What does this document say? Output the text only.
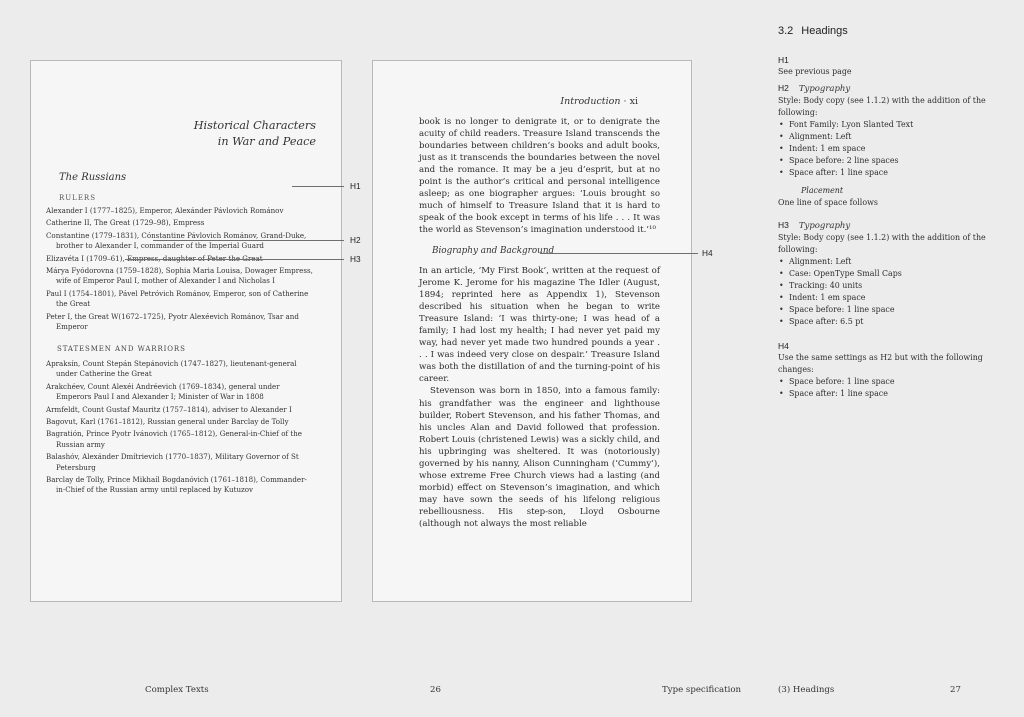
Historical Characters
in War and Peace
The Russians
RULERS
Alexander I (1777–1825), Emperor, Alexánder Pávlovich Románov
Catherine II, The Great (1729–98), Empress
Constantine (1779–1831), Cónstantine Pávlovich Románov, Grand-Duke, brother to Alexander I, commander of the Imperial Guard
Elizavéta I (1709–61), Empress, daughter of Peter the Great
Márya Fyódorovna (1759–1828), Sophia Maria Louisa, Dowager Empress, wife of Emperor Paul I, mother of Alexander I and Nicholas I
Paul I (1754–1801), Pável Petróvich Románov, Emperor, son of Catherine the Great
Peter I, the Great W(1672–1725), Pyotr Alexéevich Románov, Tsar and Emperor
STATESMEN AND WARRIORS
Apraksín, Count Stepán Stepánovich (1747–1827), lieutenant-general under Catherine the Great
Arakchéev, Count Alexéi Andréevich (1769–1834), general under Emperors Paul I and Alexander I; Minister of War in 1808
Armfeldt, Count Gustaf Mauritz (1757–1814), adviser to Alexander I
Bagovut, Karl (1761–1812), Russian general under Barclay de Tolly
Bagratión, Prince Pyotr Ivánovich (1765–1812), General-in-Chief of the Russian army
Balashóv, Alexánder Dmítrievich (1770–1837), Military Governor of St Petersburg
Barclay de Tolly, Prince Mikhaíl Bogdanóvich (1761–1818), Commander-in-Chief of the Russian army until replaced by Kutuzov
H1
H2
H3
Introduction · xi

book is no longer to denigrate it, or to denigrate the acuity of child readers. Treasure Island transcends the boundaries between children’s books and adult books, just as it transcends the boundaries between the novel and the romance. It may be a jeu d’esprit, but at no point is the author’s critical and personal intelligence asleep; as one biographer argues: ‘Louis brought so much of himself to Treasure Island that it is hard to speak of the book except in terms of his life . . . It was the world as Stevenson’s imagination understood it.’¹⁰

Biography and Background	H4

In an article, ‘My First Book’, written at the request of Jerome K. Jerome for his magazine The Idler (August, 1894; reprinted here as Appendix 1), Stevenson described his situation when he began to write Treasure Island: ‘I was thirty-one; I was head of a family; I had lost my health; I had never yet paid my way, had never yet made two hundred pounds a year . . . I was indeed very close on despair.’ Treasure Island was both the distillation of and the turning-point of his career.

Stevenson was born in 1850, into a famous family: his grandfather was the engineer and lighthouse builder, Robert Stevenson, and his father Thomas, and his uncles Alan and David followed that profession. Robert Louis (christened Lewis) was a sickly child, and his upbringing was sheltered. It was (notoriously) governed by his nanny, Alison Cunningham (‘Cummy’), whose extreme Free Church views had a lasting (and morbid) effect on Stevenson’s imagination, and which may have sown the seeds of his lifelong religious rebelliousness. His step-son, Lloyd Osbourne (although not always the most reliable

3.2 Headings
H1
See previous page
H2 Typography
Style: Body copy (see 1.1.2) with the addition of the following:
• Font Family: Lyon Slanted Text
• Alignment: Left
• Indent: 1 em space
• Space before: 2 line spaces
• Space after: 1 line space
Placement
One line of space follows
H3 Typography
Style: Body copy (see 1.1.2) with the addition of the following:
• Alignment: Left
• Case: OpenType Small Caps
• Tracking: 40 units
• Indent: 1 em space
• Space before: 1 line space
• Space after: 6.5 pt
H4
Use the same settings as H2 but with the following changes:
• Space before: 1 line space
• Space after: 1 line space
Complex Texts	26	Type specification	(3) Headings	27
